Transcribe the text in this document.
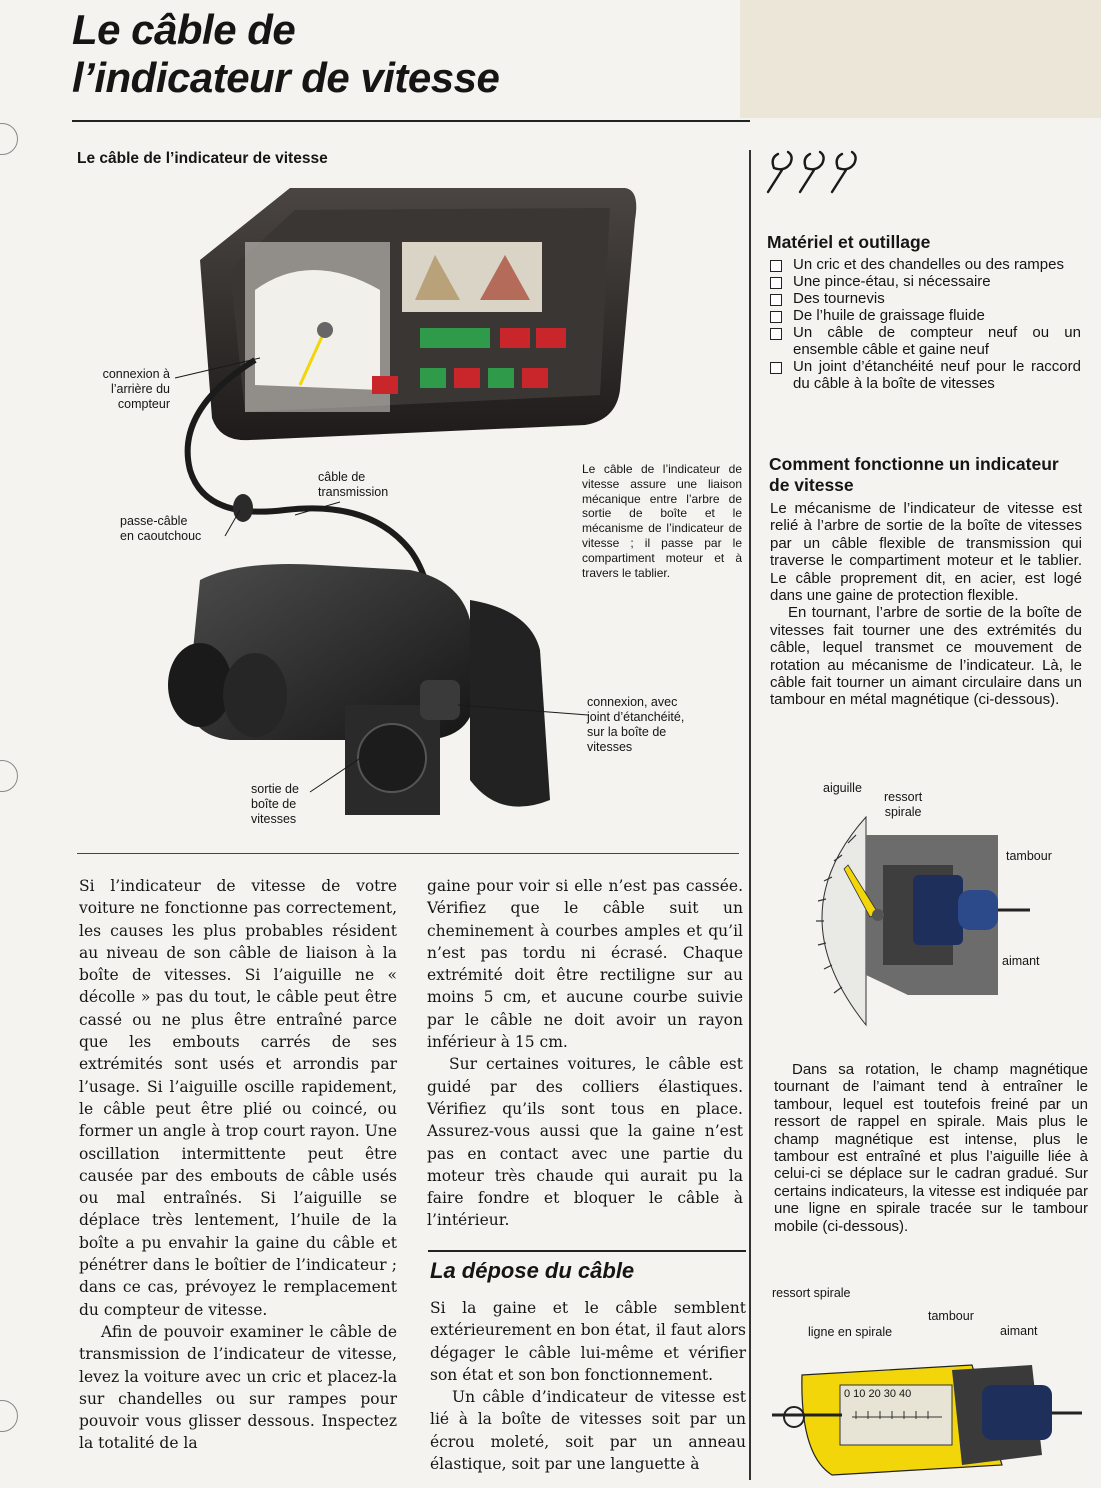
Le câble de
l’indicateur de vitesse

Le câble de l’indicateur de vitesse

connexion à
l’arrière du
compteur

câble de
transmission

passe-câble
en caoutchouc

connexion, avec
joint d’étanchéité,
sur la boîte de
vitesses

sortie de
boîte de
vitesses

Le câble de l’indicateur de vitesse assure une liaison mécanique entre l’arbre de sortie de boîte et le mécanisme de l’indicateur de vitesse ; il passe par le compartiment moteur et à travers le tablier.

Si l’indicateur de vitesse de votre voiture ne fonctionne pas correctement, les causes les plus probables résident au niveau de son câble de liaison à la boîte de vitesses. Si l’aiguille ne « décolle » pas du tout, le câble peut être cassé ou ne plus être entraîné parce que les embouts carrés de ses extrémités sont usés et arrondis par l’usage. Si l’aiguille oscille rapidement, le câble peut être plié ou coincé, ou former un angle à trop court rayon. Une oscillation intermittente peut être causée par des embouts de câble usés ou mal entraînés. Si l’aiguille se déplace très lentement, l’huile de la boîte a pu envahir la gaine du câble et pénétrer dans le boîtier de l’indicateur ; dans ce cas, prévoyez le remplacement du compteur de vitesse.

Afin de pouvoir examiner le câble de transmission de l’indicateur de vitesse, levez la voiture avec un cric et placez-la sur chandelles ou sur rampes pour pouvoir vous glisser dessous. Inspectez la totalité de la

gaine pour voir si elle n’est pas cassée. Vérifiez que le câble suit un cheminement à courbes amples et qu’il n’est pas tordu ni écrasé. Chaque extrémité doit être rectiligne sur au moins 5 cm, et aucune courbe suivie par le câble ne doit avoir un rayon inférieur à 15 cm.

Sur certaines voitures, le câble est guidé par des colliers élastiques. Vérifiez qu’ils sont tous en place. Assurez-vous aussi que la gaine n’est pas en contact avec une partie du moteur très chaude qui aurait pu la faire fondre et bloquer le câble à l’intérieur.

La dépose du câble

Si la gaine et le câble semblent extérieurement en bon état, il faut alors dégager le câble lui-même et vérifier son état et son bon fonctionnement.

Un câble d’indicateur de vitesse est lié à la boîte de vitesses soit par un écrou moleté, soit par un anneau élastique, soit par une languette à

Matériel et outillage
Un cric et des chandelles ou des rampes
Une pince-étau, si nécessaire
Des tournevis
De l’huile de graissage fluide
Un câble de compteur neuf ou un ensemble câble et gaine neuf
Un joint d’étanchéité neuf pour le raccord du câble à la boîte de vitesses
Comment fonctionne un indicateur de vitesse

Le mécanisme de l’indicateur de vitesse est relié à l’arbre de sortie de la boîte de vitesses par un câble flexible de transmission qui traverse le compartiment moteur et le tablier. Le câble proprement dit, en acier, est logé dans une gaine de protection flexible.

En tournant, l’arbre de sortie de la boîte de vitesses fait tourner une des extrémités du câble, lequel transmet ce mouvement de rotation au mécanisme de l’indicateur. Là, le câble fait tourner un aimant circulaire dans un tambour en métal magnétique (ci-dessous).

aiguille

ressort
spirale

tambour

aimant

Dans sa rotation, le champ magnétique tournant de l’aimant tend à entraîner le tambour, lequel est toutefois freiné par un ressort de rappel en spirale. Mais plus le champ magnétique est intense, plus le tambour est entraîné et plus l’aiguille liée à celui-ci se déplace sur le cadran gradué. Sur certains indicateurs, la vitesse est indiquée par une ligne en spirale tracée sur le tambour mobile (ci-dessous).

0 10 20 30 40

ressort spirale

tambour

ligne en spirale	aimant
